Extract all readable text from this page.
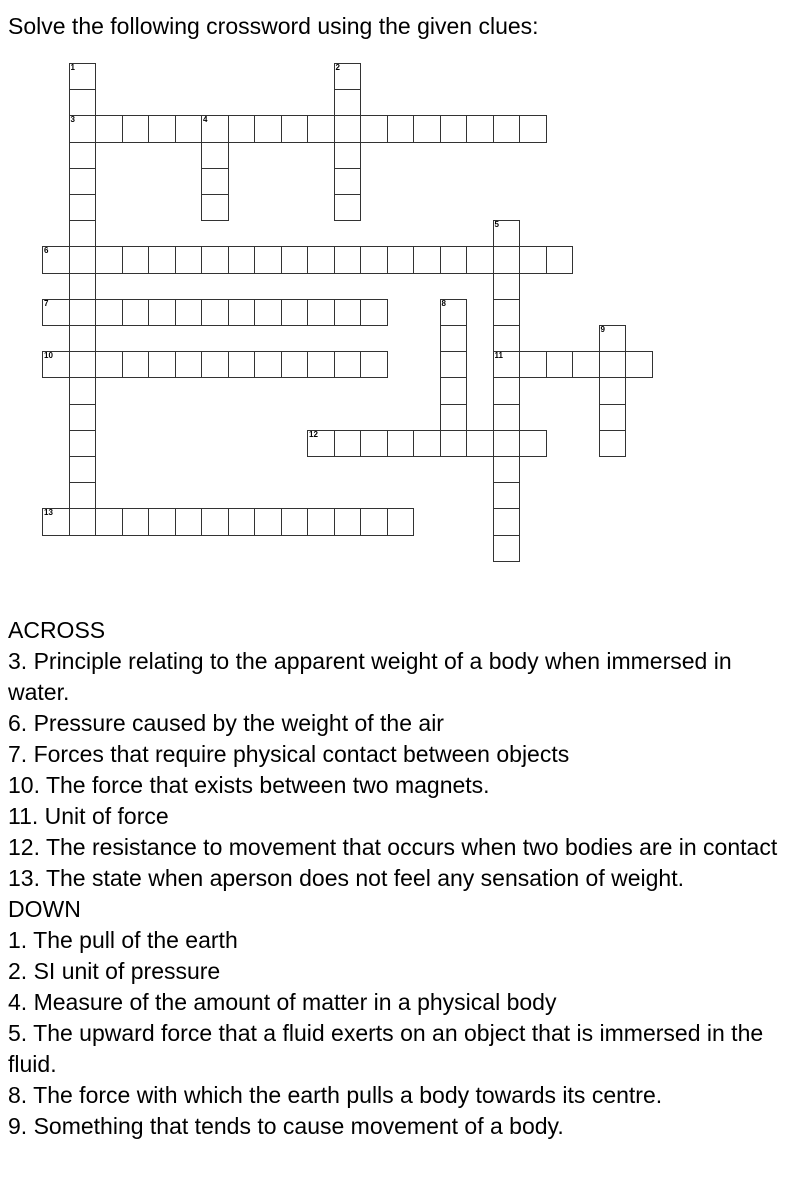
Solve the following crossword using the given clues:
1
3
2
4
5
11
6
7	8
9
10
12
13
ACROSS
3. Principle relating to the apparent weight of a body when immersed in water.
6. Pressure caused by the weight of the air
7. Forces that require physical contact between objects
10. The force that exists between two magnets.
11. Unit of force
12. The resistance to movement that occurs when two bodies are in contact
13. The state when aperson does not feel any sensation of weight.
DOWN
1. The pull of the earth
2. SI unit of pressure
4. Measure of the amount of matter in a physical body
5. The upward force that a fluid exerts on an object that is immersed in the fluid.
8. The force with which the earth pulls a body towards its centre.
9. Something that tends to cause movement of a body.
